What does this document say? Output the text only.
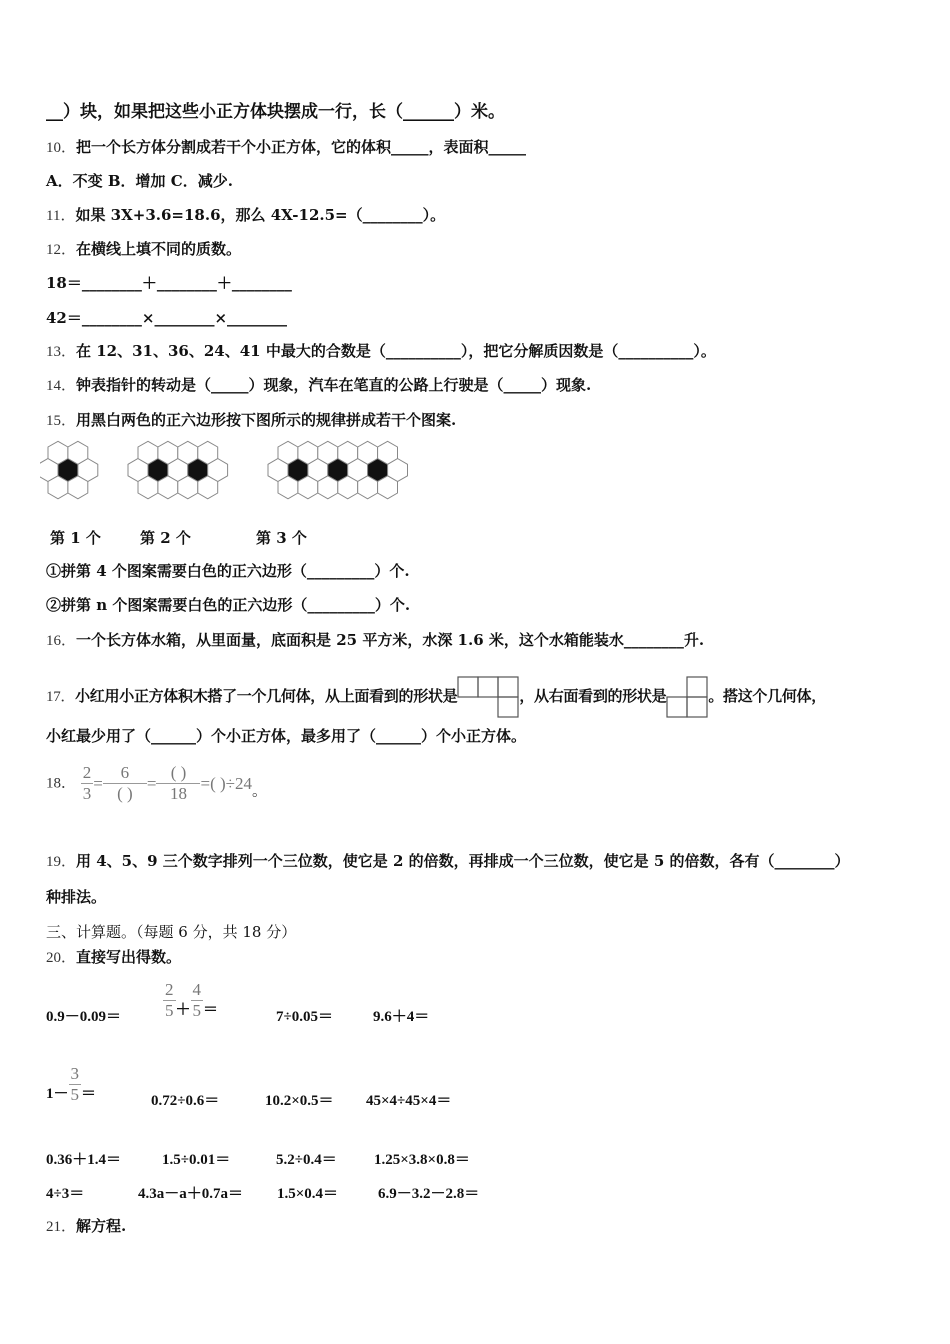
__）块，如果把这些小正方体块摆成一行，长（______）米。
10．把一个长方体分割成若干个小正方体，它的体积_____，表面积_____
A．不变 B．增加 C．减少.
11．如果 3X+3.6=18.6，那么 4X-12.5=（________）。
12．在横线上填不同的质数。
18＝________＋________＋________
42＝________×________×________
13．在 12、31、36、24、41 中最大的合数是（__________），把它分解质因数是（__________）。
14．钟表指针的转动是（_____）现象，汽车在笔直的公路上行驶是（_____）现象.
15．用黑白两色的正六边形按下图所示的规律拼成若干个图案.
第 1 个	第 2 个	第 3 个
①拼第 4 个图案需要白色的正六边形（_________）个.
②拼第 n 个图案需要白色的正六边形（_________）个.
16．一个长方体水箱，从里面量，底面积是 25 平方米，水深 1.6 米，这个水箱能装水________升.
17．小红用小正方体积木搭了一个几何体，从上面看到的形状是	，从右面看到的形状是	。搭这个几何体，
小红最少用了（______）个小正方体，最多用了（______）个小正方体。
18． $\frac{2}{3} = \frac{6}{( )} = \frac{( )}{18}$ =( )÷24。
19．用 4、5、9 三个数字排列一个三位数，使它是 2 的倍数，再排成一个三位数，使它是 5 的倍数，各有（________）
种排法。
三、计算题。（每题 6 分，共 18 分）
20．直接写出得数。
$0.9-0.09= \frac{2}{5} + \frac{4}{5}$ ＝	7÷0.05＝	9.6＋4＝
$1- \frac{3}{5}$ ＝	0.72÷0.6＝	10.2×0.5＝ 45×4÷45×4＝
0.36＋1.4＝	1.5÷0.01＝	5.2÷0.4＝ 1.25×3.8×0.8＝
4÷3＝	4.3a－a＋0.7a＝ 1.5×0.4＝	6.9－3.2－2.8＝
21．解方程.
